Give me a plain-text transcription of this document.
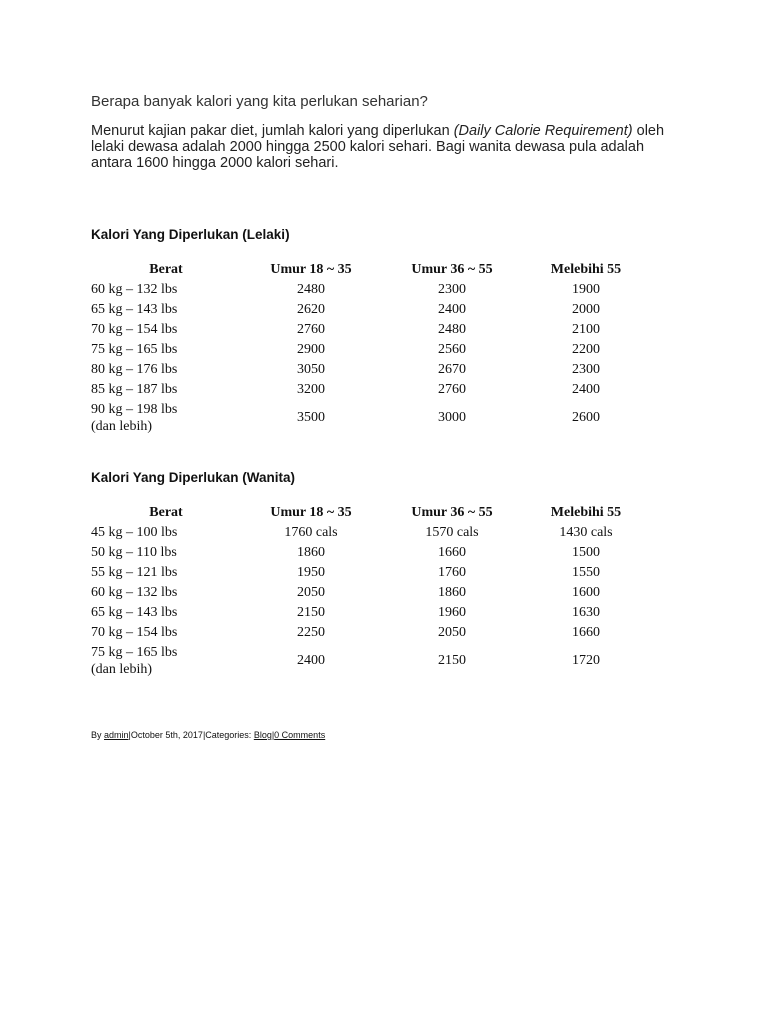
Berapa banyak kalori yang kita perlukan seharian?
Menurut kajian pakar diet, jumlah kalori yang diperlukan (Daily Calorie Requirement) oleh lelaki dewasa adalah 2000 hingga 2500 kalori sehari. Bagi wanita dewasa pula adalah antara 1600 hingga 2000 kalori sehari.
Kalori Yang Diperlukan (Lelaki)
Berat	Umur 18 ~ 35	Umur 36 ~ 55	Melebihi 55
60 kg – 132 lbs	2480	2300	1900
65 kg – 143 lbs	2620	2400	2000
70 kg – 154 lbs	2760	2480	2100
75 kg – 165 lbs	2900	2560	2200
80 kg – 176 lbs	3050	2670	2300
85 kg – 187 lbs	3200	2760	2400
90 kg – 198 lbs
(dan lebih)	3500	3000	2600
Kalori Yang Diperlukan (Wanita)
Berat	Umur 18 ~ 35	Umur 36 ~ 55	Melebihi 55
45 kg – 100 lbs	1760 cals	1570 cals	1430 cals
50 kg – 110 lbs	1860	1660	1500
55 kg – 121 lbs	1950	1760	1550
60 kg – 132 lbs	2050	1860	1600
65 kg – 143 lbs	2150	1960	1630
70 kg – 154 lbs	2250	2050	1660
75 kg – 165 lbs
(dan lebih)	2400	2150	1720
By admin|October 5th, 2017|Categories: Blog|0 Comments
